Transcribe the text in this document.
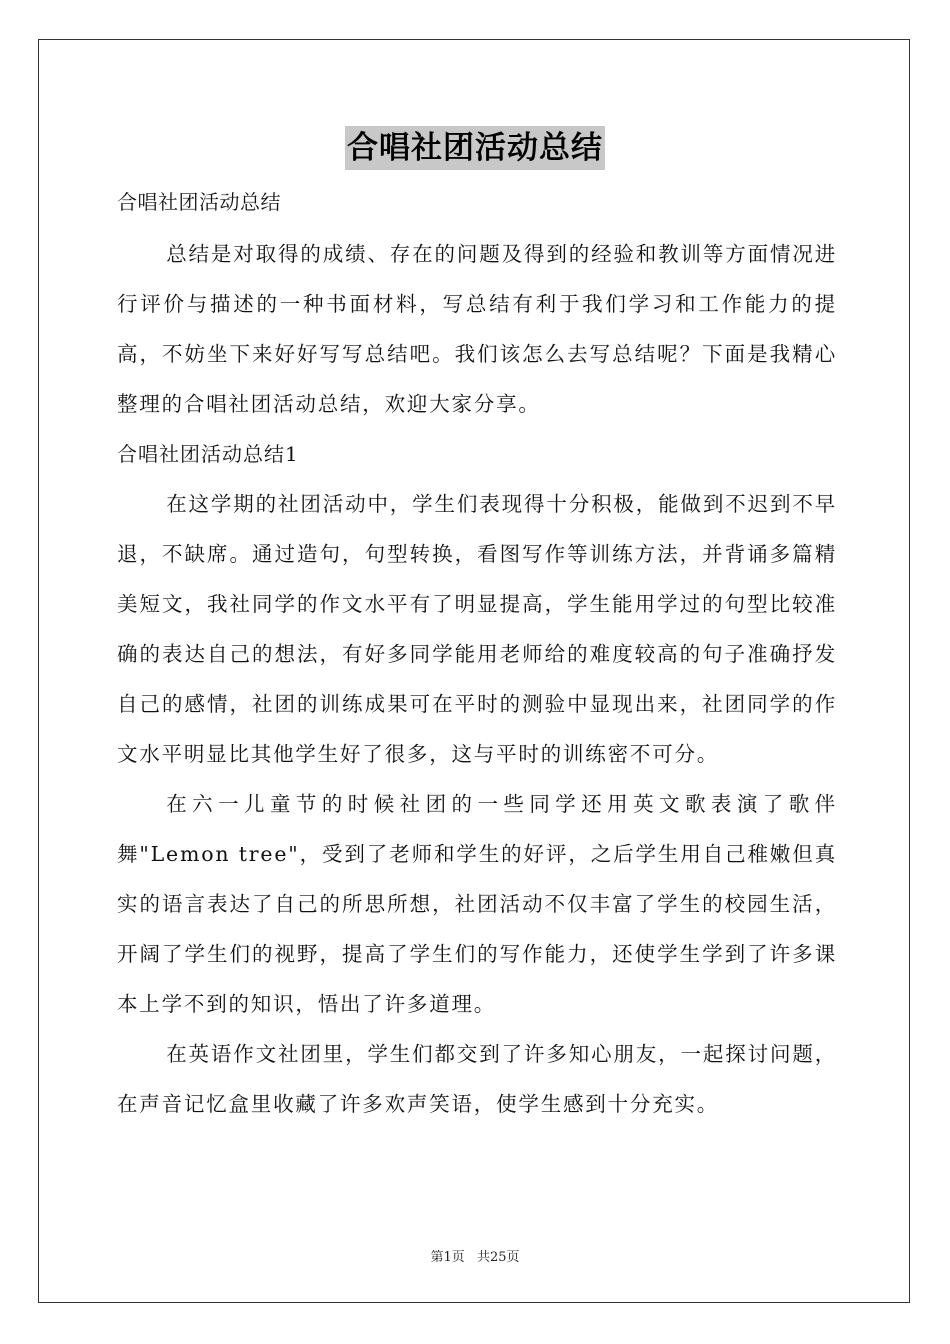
合唱社团活动总结

合唱社团活动总结

总结是对取得的成绩、存在的问题及得到的经验和教训等方面情况进行评价与描述的一种书面材料，写总结有利于我们学习和工作能力的提高，不妨坐下来好好写写总结吧。我们该怎么去写总结呢？下面是我精心整理的合唱社团活动总结，欢迎大家分享。

合唱社团活动总结1

在这学期的社团活动中，学生们表现得十分积极，能做到不迟到不早退，不缺席。通过造句，句型转换，看图写作等训练方法，并背诵多篇精美短文，我社同学的作文水平有了明显提高，学生能用学过的句型比较准确的表达自己的想法，有好多同学能用老师给的难度较高的句子准确抒发自己的感情，社团的训练成果可在平时的测验中显现出来，社团同学的作文水平明显比其他学生好了很多，这与平时的训练密不可分。

在六一儿童节的时候社团的一些同学还用英文歌表演了歌伴舞"Lemon tree"，受到了老师和学生的好评，之后学生用自己稚嫩但真实的语言表达了自己的所思所想，社团活动不仅丰富了学生的校园生活，开阔了学生们的视野，提高了学生们的写作能力，还使学生学到了许多课本上学不到的知识，悟出了许多道理。

在英语作文社团里，学生们都交到了许多知心朋友，一起探讨问题，在声音记忆盒里收藏了许多欢声笑语，使学生感到十分充实。

第1页 共25页
